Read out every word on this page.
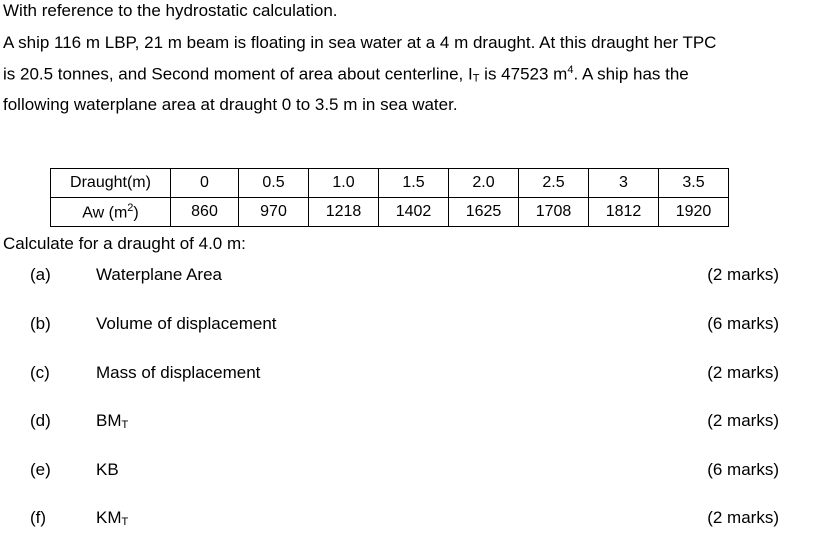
With reference to the hydrostatic calculation.
A ship 116 m LBP, 21 m beam is floating in sea water at a 4 m draught. At this draught her TPC
is 20.5 tonnes, and Second moment of area about centerline, $I_T$ is 47523 $m^4$. A ship has the
following waterplane area at draught 0 to 3.5 m in sea water.
Draught(m)	0	0.5	1.0	1.5	2.0	2.5	3	3.5
Aw $(m^2)$	860	970	1218	1402	1625	1708	1812	1920
Calculate for a draught of 4.0 m:
(a)	Waterplane Area	(2 marks)
(b)	Volume of displacement	(6 marks)
(c)	Mass of displacement	(2 marks)
(d)	$BM_T$	(2 marks)
(e)	KB	(6 marks)
(f)	$KM_T$	(2 marks)
